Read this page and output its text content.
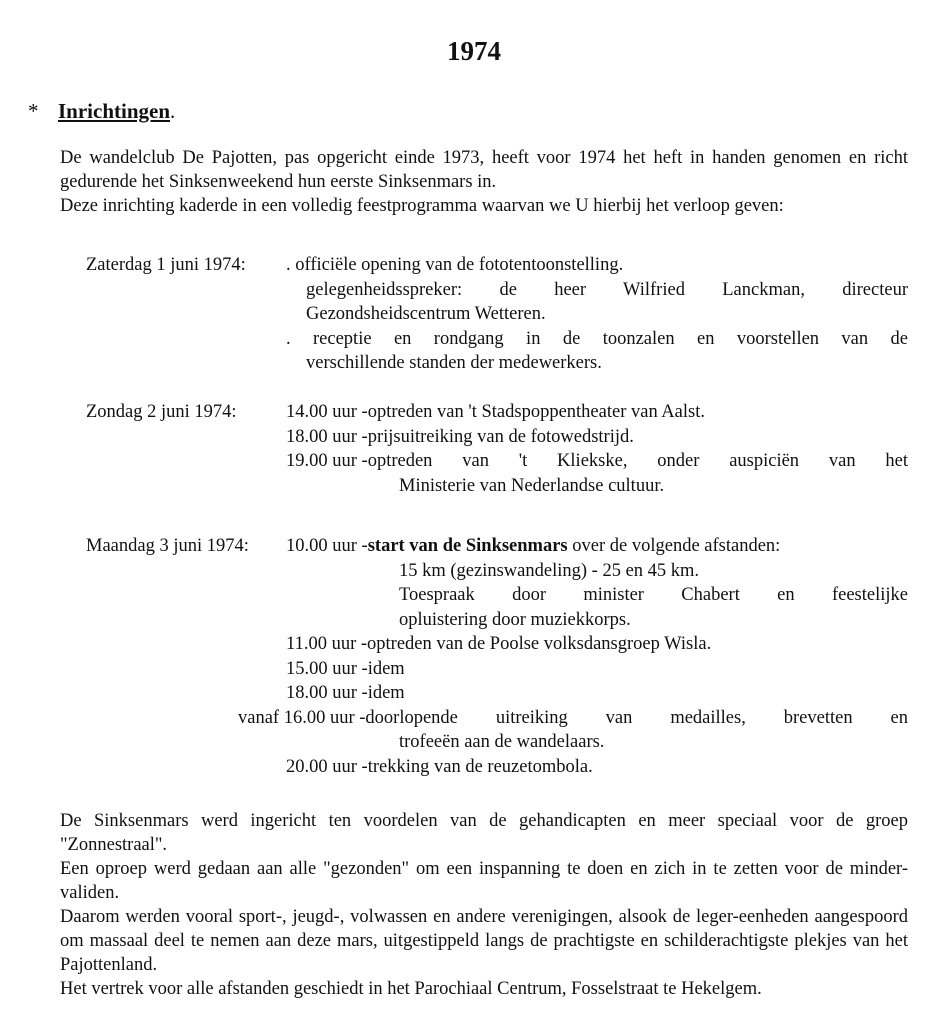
1974
* Inrichtingen.

De wandelclub De Pajotten, pas opgericht einde 1973, heeft voor 1974 het heft in handen genomen en richt gedurende het Sinksenweekend hun eerste Sinksenmars in.

Deze inrichting kaderde in een volledig feestprogramma waarvan we U hierbij het verloop geven:

Zaterdag 1 juni 1974:	. officiële opening van de fototentoonstelling.
gelegenheidsspreker: de heer Wilfried Lanckman, directeur
Gezondsheidscentrum Wetteren.
. receptie en rondgang in de toonzalen en voorstellen van de
verschillende standen der medewerkers.
Zondag 2 juni 1974:	14.00 uur - optreden van 't Stadspoppentheater van Aalst.
18.00 uur - prijsuitreiking van de fotowedstrijd.
19.00 uur - optreden van 't Kliekske, onder auspiciën van het
Ministerie van Nederlandse cultuur.
Maandag 3 juni 1974:	10.00 uur - start van de Sinksenmars over de volgende afstanden:
15 km (gezinswandeling) - 25 en 45 km.
Toespraak door minister Chabert en feestelijke
opluistering door muziekkorps.
11.00 uur - optreden van de Poolse volksdansgroep Wisla.
15.00 uur - idem
18.00 uur - idem
vanaf 16.00 uur - doorlopende uitreiking van medailles, brevetten en
trofeeën aan de wandelaars.
20.00 uur - trekking van de reuzetombola.

De Sinksenmars werd ingericht ten voordelen van de gehandicapten en meer speciaal voor de groep "Zonnestraal".

Een oproep werd gedaan aan alle "gezonden" om een inspanning te doen en zich in te zetten voor de minder-validen.

Daarom werden vooral sport-, jeugd-, volwassen en andere verenigingen, alsook de leger-eenheden aangespoord om massaal deel te nemen aan deze mars, uitgestippeld langs de prachtigste en schilderachtigste plekjes van het Pajottenland.

Het vertrek voor alle afstanden geschiedt in het Parochiaal Centrum, Fosselstraat te Hekelgem.
